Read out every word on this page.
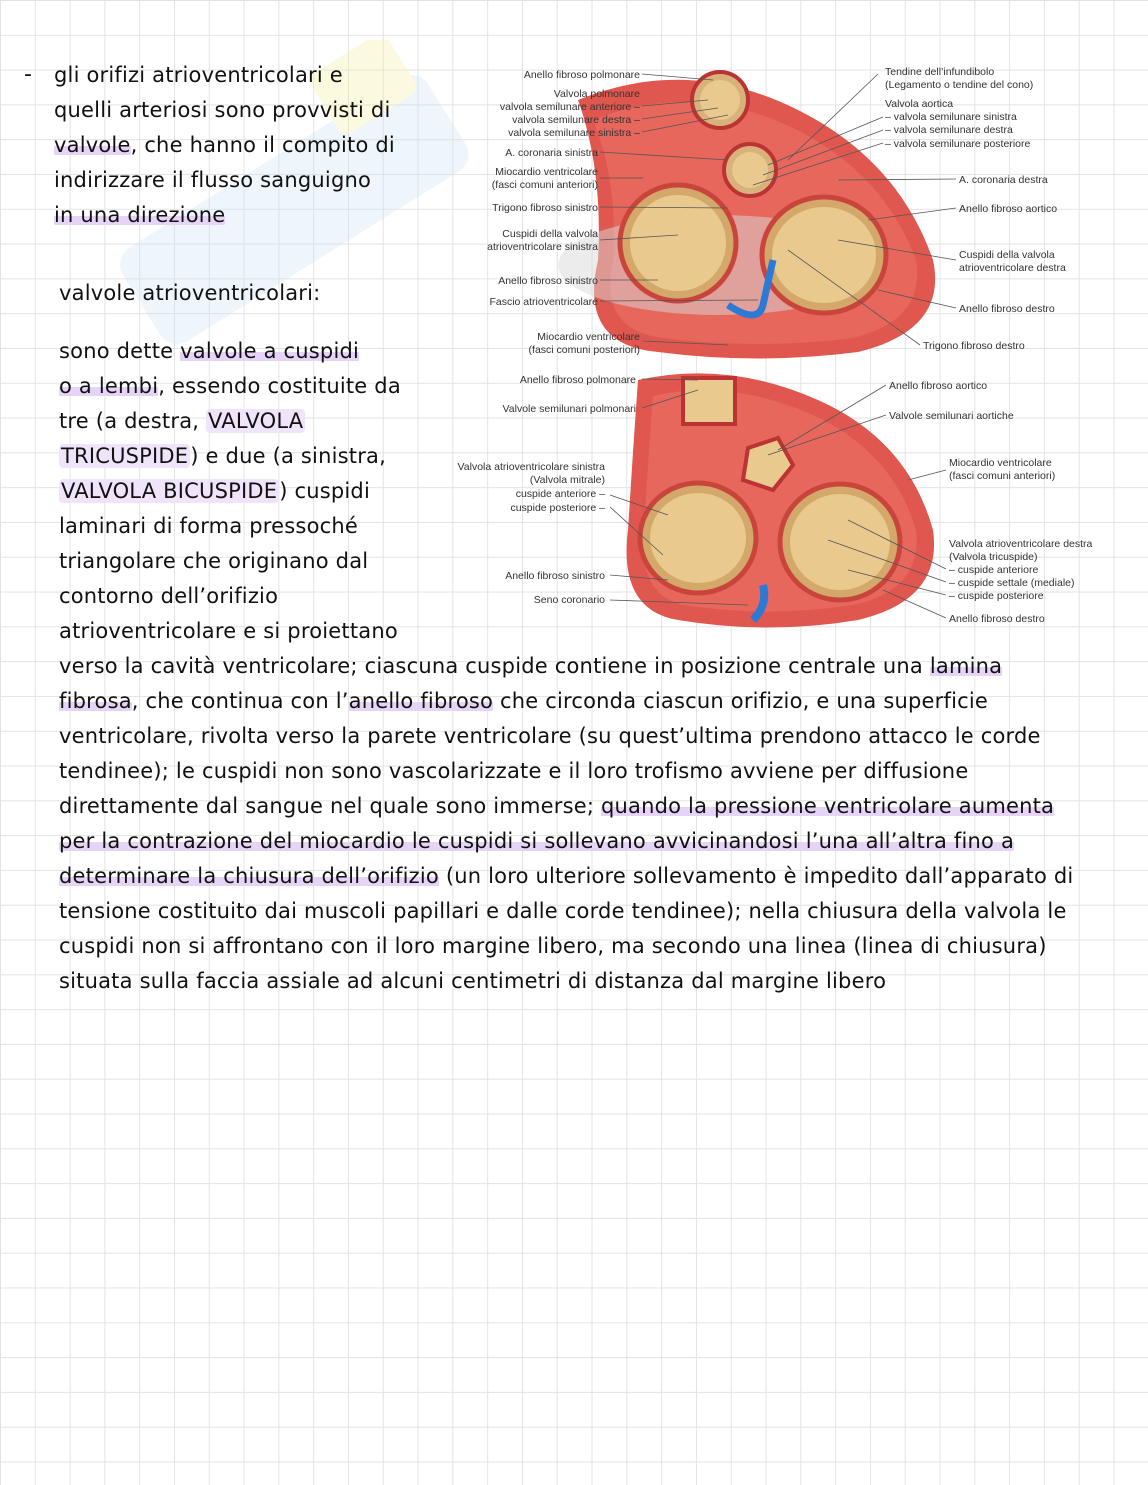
- gli orifizi atrioventricolari e
quelli arteriosi sono provvisti di
valvole, che hanno il compito di
indirizzare il flusso sanguigno
in una direzione
valvole atrioventricolari:
sono dette valvole a cuspidi
o a lembi, essendo costituite da
tre (a destra, VALVOLA
TRICUSPIDE) e due (a sinistra,
VALVOLA BICUSPIDE) cuspidi
laminari di forma pressoché
triangolare che originano dal
contorno dell’orifizio
atrioventricolare e si proiettano
verso la cavità ventricolare; ciascuna cuspide contiene in posizione centrale una lamina
fibrosa, che continua con l’anello fibroso che circonda ciascun orifizio, e una superficie
ventricolare, rivolta verso la parete ventricolare (su quest’ultima prendono attacco le corde
tendinee); le cuspidi non sono vascolarizzate e il loro trofismo avviene per diffusione
direttamente dal sangue nel quale sono immerse; quando la pressione ventricolare aumenta
per la contrazione del miocardio le cuspidi si sollevano avvicinandosi l’una all’altra fino a
determinare la chiusura dell’orifizio (un loro ulteriore sollevamento è impedito dall’apparato di
tensione costituito dai muscoli papillari e dalle corde tendinee); nella chiusura della valvola le
cuspidi non si affrontano con il loro margine libero, ma secondo una linea (linea di chiusura)
situata sulla faccia assiale ad alcuni centimetri di distanza dal margine libero
Anello fibroso polmonare
Valvola polmonare
valvola semilunare anteriore –
valvola semilunare destra –
valvola semilunare sinistra –
A. coronaria sinistra
Miocardio ventricolare
(fasci comuni anteriori)
Trigono fibroso sinistro
Cuspidi della valvola
atrioventricolare sinistra
Anello fibroso sinistro
Fascio atrioventricolare
Miocardio ventricolare
(fasci comuni posteriori)
Tendine dell’infundibolo
(Legamento o tendine del cono)
Valvola aortica
– valvola semilunare sinistra
– valvola semilunare destra
– valvola semilunare posteriore
A. coronaria destra
Anello fibroso aortico
Cuspidi della valvola
atrioventricolare destra
Anello fibroso destro
Trigono fibroso destro
Anello fibroso polmonare
Valvole semilunari polmonari
Valvola atrioventricolare sinistra
(Valvola mitrale)
cuspide anteriore –
cuspide posteriore –
Anello fibroso sinistro
Seno coronario
Anello fibroso aortico
Valvole semilunari aortiche
Miocardio ventricolare
(fasci comuni anteriori)
Valvola atrioventricolare destra
(Valvola tricuspide)
– cuspide anteriore
– cuspide settale (mediale)
– cuspide posteriore
Anello fibroso destro
